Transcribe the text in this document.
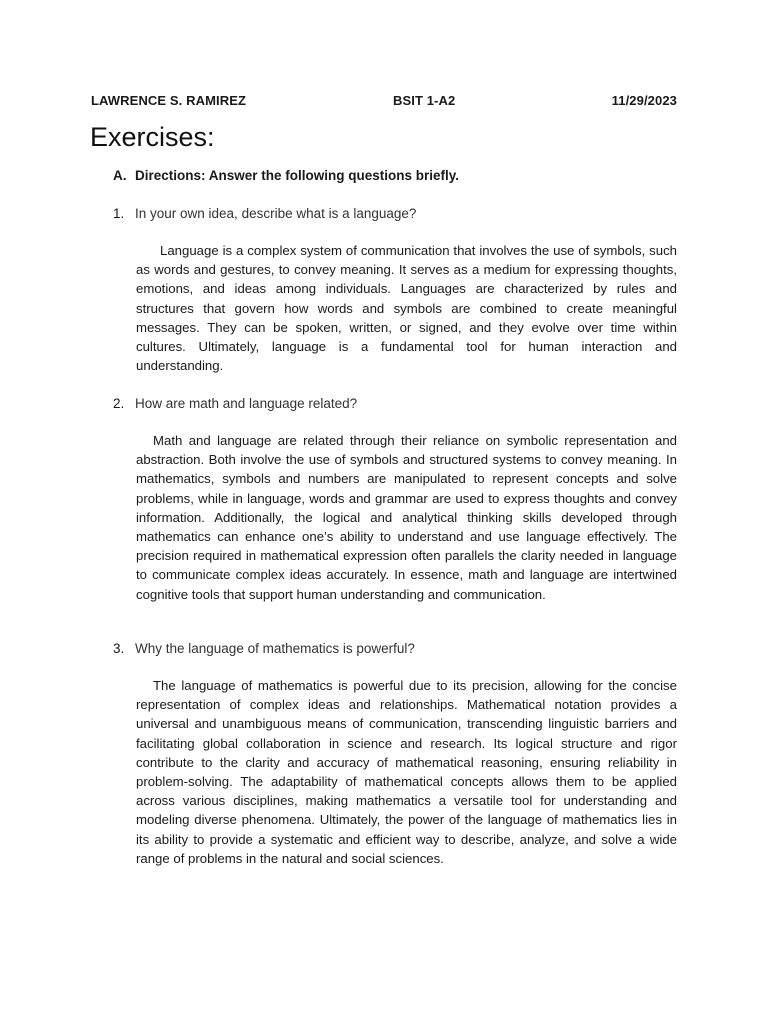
LAWRENCE S. RAMIREZ	BSIT 1-A2	11/29/2023
Exercises:
A. Directions: Answer the following questions briefly.
1. In your own idea, describe what is a language?
Language is a complex system of communication that involves the use of symbols, such as words and gestures, to convey meaning. It serves as a medium for expressing thoughts, emotions, and ideas among individuals. Languages are characterized by rules and structures that govern how words and symbols are combined to create meaningful messages. They can be spoken, written, or signed, and they evolve over time within cultures. Ultimately, language is a fundamental tool for human interaction and understanding.
2. How are math and language related?
Math and language are related through their reliance on symbolic representation and abstraction. Both involve the use of symbols and structured systems to convey meaning. In mathematics, symbols and numbers are manipulated to represent concepts and solve problems, while in language, words and grammar are used to express thoughts and convey information. Additionally, the logical and analytical thinking skills developed through mathematics can enhance one’s ability to understand and use language effectively. The precision required in mathematical expression often parallels the clarity needed in language to communicate complex ideas accurately. In essence, math and language are intertwined cognitive tools that support human understanding and communication.
3. Why the language of mathematics is powerful?
The language of mathematics is powerful due to its precision, allowing for the concise representation of complex ideas and relationships. Mathematical notation provides a universal and unambiguous means of communication, transcending linguistic barriers and facilitating global collaboration in science and research. Its logical structure and rigor contribute to the clarity and accuracy of mathematical reasoning, ensuring reliability in problem-solving. The adaptability of mathematical concepts allows them to be applied across various disciplines, making mathematics a versatile tool for understanding and modeling diverse phenomena. Ultimately, the power of the language of mathematics lies in its ability to provide a systematic and efficient way to describe, analyze, and solve a wide range of problems in the natural and social sciences.
